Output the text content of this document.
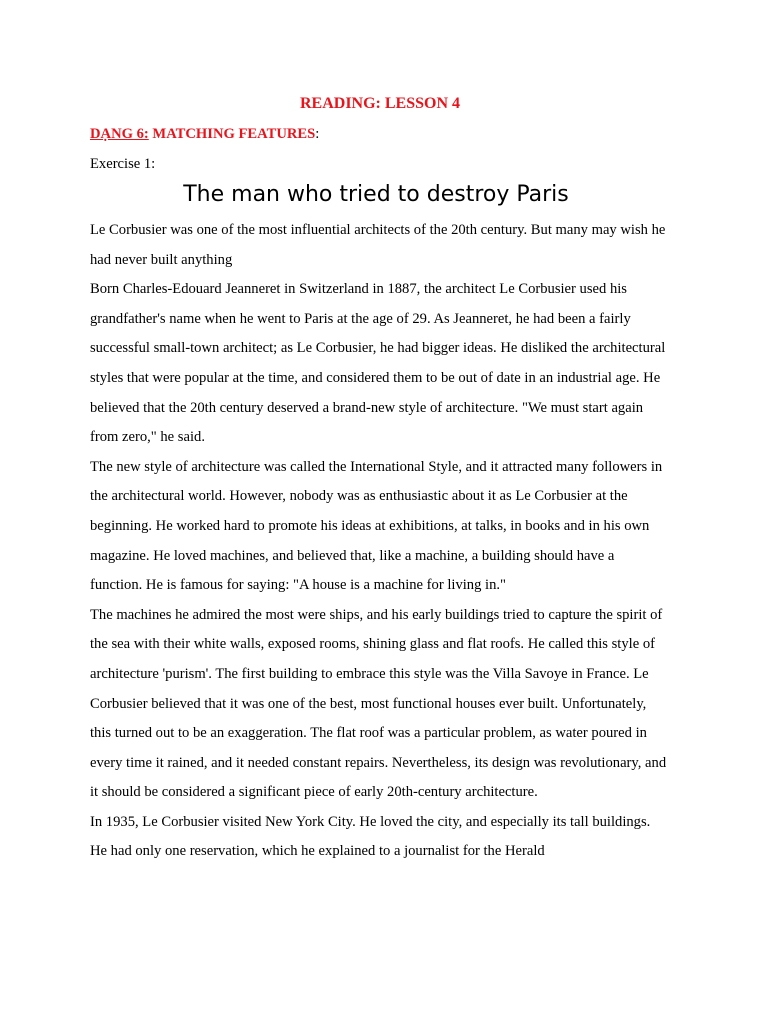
READING: LESSON 4
DẠNG 6: MATCHING FEATURES:
Exercise 1:
The man who tried to destroy Paris

Le Corbusier was one of the most influential architects of the 20th century. But many may wish he had never built anything

Born Charles-Edouard Jeanneret in Switzerland in 1887, the architect Le Corbusier used his grandfather's name when he went to Paris at the age of 29. As Jeanneret, he had been a fairly successful small-town architect; as Le Corbusier, he had bigger ideas. He disliked the architectural styles that were popular at the time, and considered them to be out of date in an industrial age. He believed that the 20th century deserved a brand-new style of architecture. "We must start again from zero," he said.

The new style of architecture was called the International Style, and it attracted many followers in the architectural world. However, nobody was as enthusiastic about it as Le Corbusier at the beginning. He worked hard to promote his ideas at exhibitions, at talks, in books and in his own magazine. He loved machines, and believed that, like a machine, a building should have a function. He is famous for saying: "A house is a machine for living in."

The machines he admired the most were ships, and his early buildings tried to capture the spirit of the sea with their white walls, exposed rooms, shining glass and flat roofs. He called this style of architecture 'purism'. The first building to embrace this style was the Villa Savoye in France. Le Corbusier believed that it was one of the best, most functional houses ever built. Unfortunately, this turned out to be an exaggeration. The flat roof was a particular problem, as water poured in every time it rained, and it needed constant repairs. Nevertheless, its design was revolutionary, and it should be considered a significant piece of early 20th-century architecture.

In 1935, Le Corbusier visited New York City. He loved the city, and especially its tall buildings. He had only one reservation, which he explained to a journalist for the Herald
